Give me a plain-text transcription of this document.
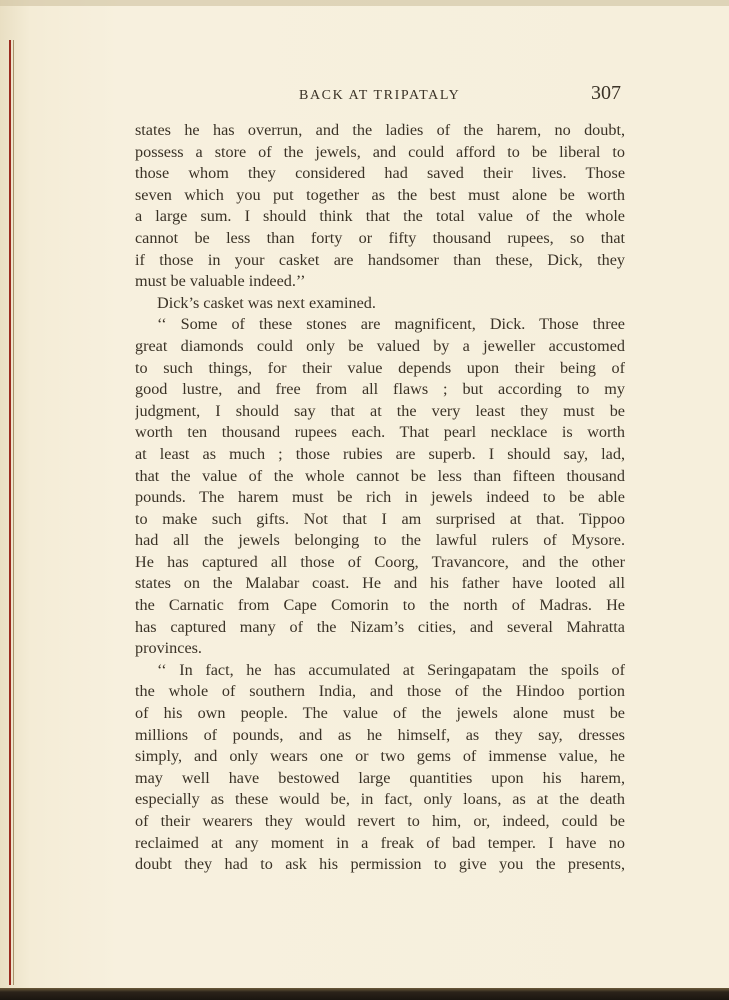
BACK AT TRIPATALY	307
states he has overrun, and the ladies of the harem, no doubt,
possess a store of the jewels, and could afford to be liberal to
those whom they considered had saved their lives. Those
seven which you put together as the best must alone be worth
a large sum. I should think that the total value of the whole
cannot be less than forty or fifty thousand rupees, so that
if those in your casket are handsomer than these, Dick, they
must be valuable indeed.’’
Dick’s casket was next examined.
‘‘ Some of these stones are magnificent, Dick. Those three
great diamonds could only be valued by a jeweller accustomed
to such things, for their value depends upon their being of
good lustre, and free from all flaws ; but according to my
judgment, I should say that at the very least they must be
worth ten thousand rupees each. That pearl necklace is worth
at least as much ; those rubies are superb. I should say, lad,
that the value of the whole cannot be less than fifteen thousand
pounds. The harem must be rich in jewels indeed to be able
to make such gifts. Not that I am surprised at that. Tippoo
had all the jewels belonging to the lawful rulers of Mysore.
He has captured all those of Coorg, Travancore, and the other
states on the Malabar coast. He and his father have looted all
the Carnatic from Cape Comorin to the north of Madras. He
has captured many of the Nizam’s cities, and several Mahratta
provinces.
‘‘ In fact, he has accumulated at Seringapatam the spoils of
the whole of southern India, and those of the Hindoo portion
of his own people. The value of the jewels alone must be
millions of pounds, and as he himself, as they say, dresses
simply, and only wears one or two gems of immense value, he
may well have bestowed large quantities upon his harem,
especially as these would be, in fact, only loans, as at the death
of their wearers they would revert to him, or, indeed, could be
reclaimed at any moment in a freak of bad temper. I have no
doubt they had to ask his permission to give you the presents,
